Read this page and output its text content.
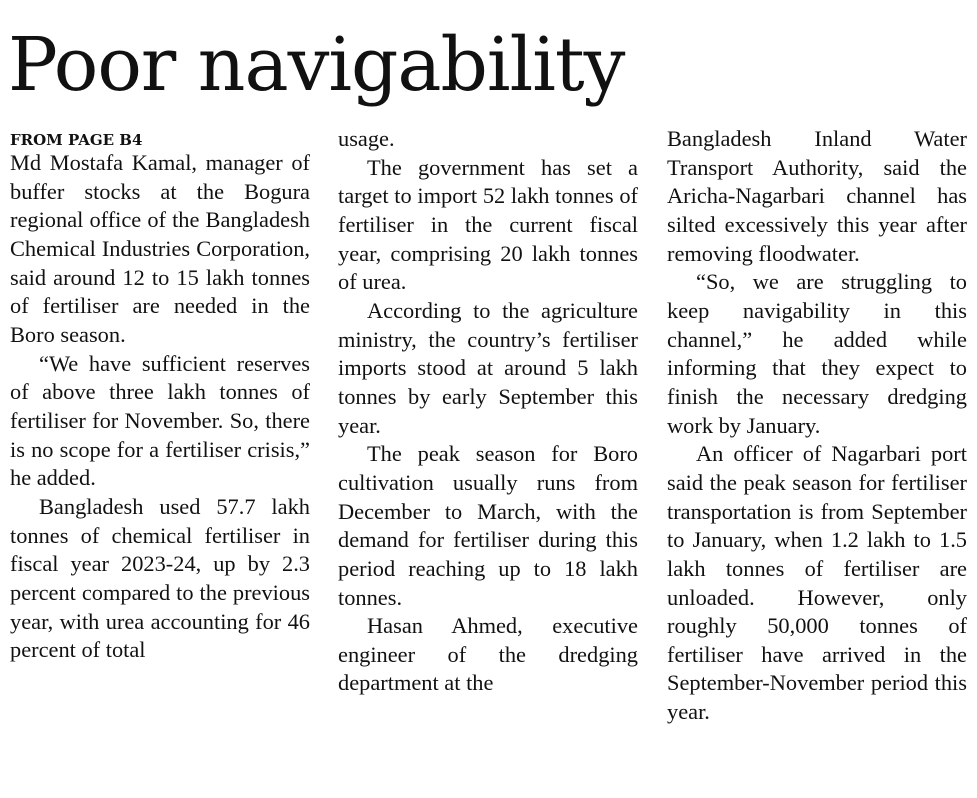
Poor navigability
FROM PAGE B4

Md Mostafa Kamal, manager of buffer stocks at the Bogura regional office of the Bangladesh Chemical Industries Corporation, said around 12 to 15 lakh tonnes of fertiliser are needed in the Boro season.

“We have sufficient reserves of above three lakh tonnes of fertiliser for November. So, there is no scope for a fertiliser crisis,” he added.

Bangladesh used 57.7 lakh tonnes of chemical fertiliser in fiscal year 2023-24, up by 2.3 percent compared to the previous year, with urea accounting for 46 percent of total

usage.

The government has set a target to import 52 lakh tonnes of fertiliser in the current fiscal year, comprising 20 lakh tonnes of urea.

According to the agriculture ministry, the country’s fertiliser imports stood at around 5 lakh tonnes by early September this year.

The peak season for Boro cultivation usually runs from December to March, with the demand for fertiliser during this period reaching up to 18 lakh tonnes.

Hasan Ahmed, executive engineer of the dredging department at the

Bangladesh Inland Water Transport Authority, said the Aricha-Nagarbari channel has silted excessively this year after removing floodwater.

“So, we are struggling to keep navigability in this channel,” he added while informing that they expect to finish the necessary dredging work by January.

An officer of Nagarbari port said the peak season for fertiliser transportation is from September to January, when 1.2 lakh to 1.5 lakh tonnes of fertiliser are unloaded. However, only roughly 50,000 tonnes of fertiliser have arrived in the September-November period this year.
